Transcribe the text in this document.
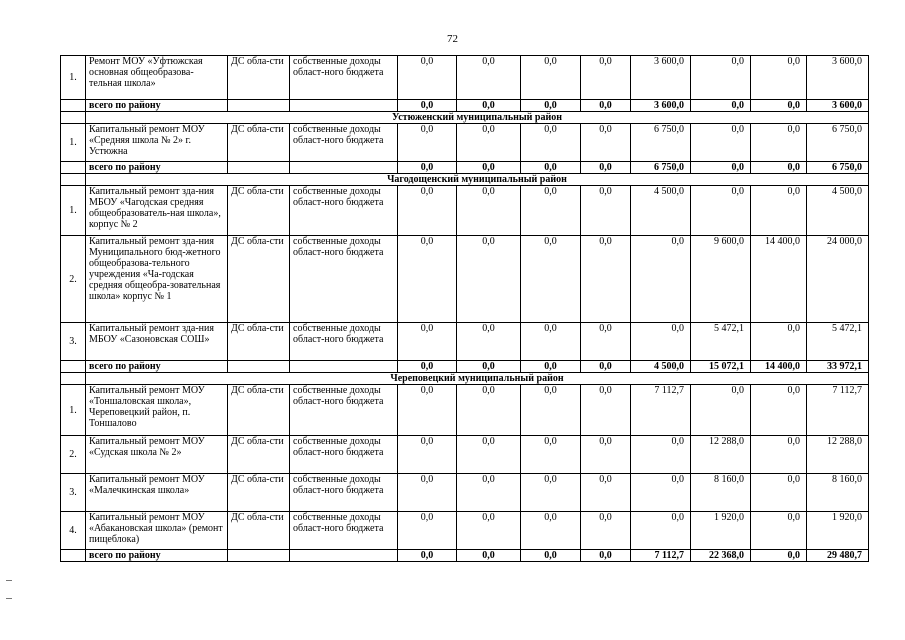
72
1.	Ремонт МОУ «Уфтюжская основная общеобразова-тельная школа»	ДС обла-сти	собственные доходы област-ного бюджета	0,0	0,0	0,0	0,0	3 600,0	0,0	0,0	3 600,0
	всего по району			0,0	0,0	0,0	0,0	3 600,0	0,0	0,0	3 600,0
	Устюженский муниципальный район										
1.	Капитальный ремонт МОУ «Средняя школа № 2» г. Устюжна	ДС обла-сти	собственные доходы област-ного бюджета	0,0	0,0	0,0	0,0	6 750,0	0,0	0,0	6 750,0
	всего по району			0,0	0,0	0,0	0,0	6 750,0	0,0	0,0	6 750,0
	Чагодощенский муниципальный район										
1.	Капитальный ремонт зда-ния МБОУ «Чагодская средняя общеобразователь-ная школа», корпус № 2	ДС обла-сти	собственные доходы област-ного бюджета	0,0	0,0	0,0	0,0	4 500,0	0,0	0,0	4 500,0
2.	Капитальный ремонт зда-ния Муниципального бюд-жетного общеобразова-тельного учреждения «Ча-годская средняя общеобра-зовательная школа» корпус № 1	ДС обла-сти	собственные доходы област-ного бюджета	0,0	0,0	0,0	0,0	0,0	9 600,0	14 400,0	24 000,0
3.	Капитальный ремонт зда-ния МБОУ «Сазоновская СОШ»	ДС обла-сти	собственные доходы област-ного бюджета	0,0	0,0	0,0	0,0	0,0	5 472,1	0,0	5 472,1
	всего по району			0,0	0,0	0,0	0,0	4 500,0	15 072,1	14 400,0	33 972,1
	Череповецкий муниципальный район										
1.	Капитальный ремонт МОУ «Тоншаловская школа», Череповецкий район, п. Тоншалово	ДС обла-сти	собственные доходы област-ного бюджета	0,0	0,0	0,0	0,0	7 112,7	0,0	0,0	7 112,7
2.	Капитальный ремонт МОУ «Судская школа № 2»	ДС обла-сти	собственные доходы област-ного бюджета	0,0	0,0	0,0	0,0	0,0	12 288,0	0,0	12 288,0
3.	Капитальный ремонт МОУ «Малечкинская школа»	ДС обла-сти	собственные доходы област-ного бюджета	0,0	0,0	0,0	0,0	0,0	8 160,0	0,0	8 160,0
4.	Капитальный ремонт МОУ «Абакановская школа» (ремонт пищеблока)	ДС обла-сти	собственные доходы област-ного бюджета	0,0	0,0	0,0	0,0	0,0	1 920,0	0,0	1 920,0
	всего по району			0,0	0,0	0,0	0,0	7 112,7	22 368,0	0,0	29 480,7
